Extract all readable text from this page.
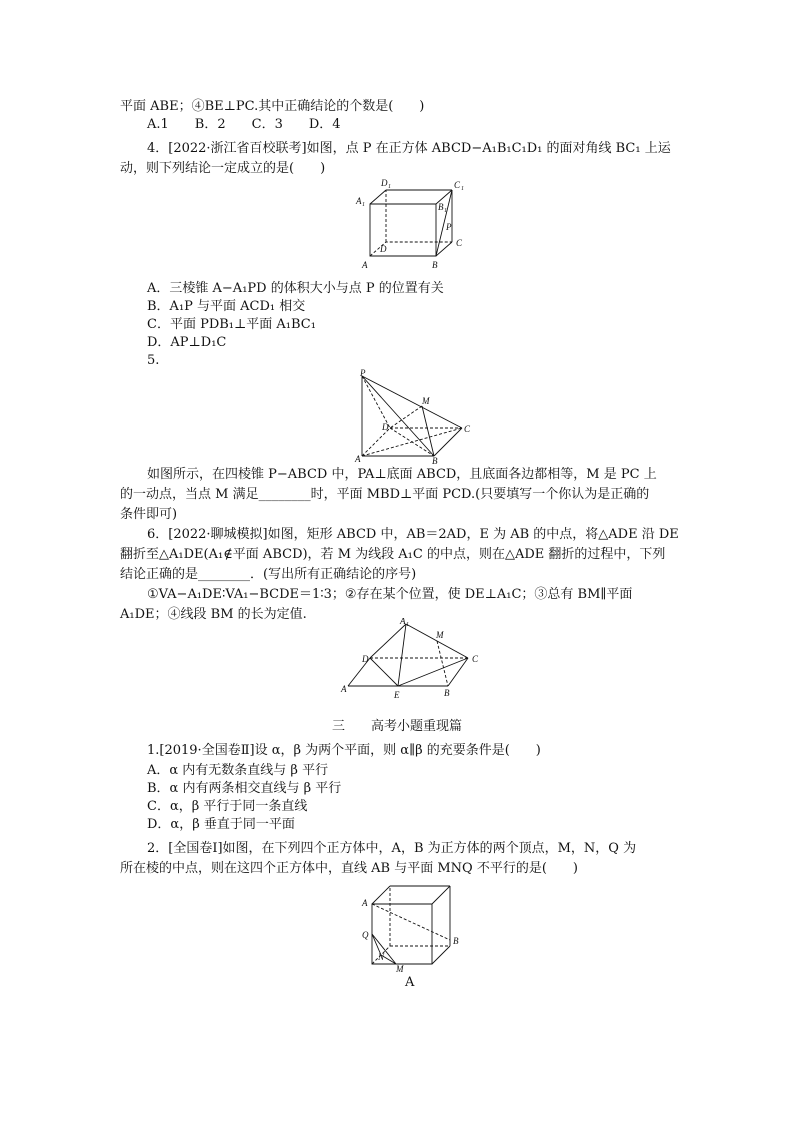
平面 ABE；④BE⊥PC.其中正确结论的个数是(　　)
A.1　　B．2　　C．3　　D．4
4．[2022·浙江省百校联考]如图，点 P 在正方体 ABCD−A₁B₁C₁D₁ 的面对角线 BC₁ 上运
动，则下列结论一定成立的是(　　)
D 1	C 1
A 1	B 1
P
D
C
A	B
A．三棱锥 A−A₁PD 的体积大小与点 P 的位置有关
B．A₁P 与平面 ACD₁ 相交
C．平面 PDB₁⊥平面 A₁BC₁
D．AP⊥D₁C
5.
P
M
D	C
A	B
如图所示，在四棱锥 P−ABCD 中，PA⊥底面 ABCD，且底面各边都相等，M 是 PC 上
的一动点，当点 M 满足________时，平面 MBD⊥平面 PCD.(只要填写一个你认为是正确的
条件即可)
6．[2022·聊城模拟]如图，矩形 ABCD 中，AB＝2AD，E 为 AB 的中点，将△ADE 沿 DE
翻折至△A₁DE(A₁∉平面 ABCD)，若 M 为线段 A₁C 的中点，则在△ADE 翻折的过程中，下列
结论正确的是________．(写出所有正确结论的序号)
①VA−A₁DE∶VA₁−BCDE＝1∶3；②存在某个位置，使 DE⊥A₁C；③总有 BM∥平面
A₁DE；④线段 BM 的长为定值.	A 1
M
D	C
A
E	B
三　　高考小题重现篇
1.[2019·全国卷Ⅱ]设 α，β 为两个平面，则 α∥β 的充要条件是(　　)
A．α 内有无数条直线与 β 平行
B．α 内有两条相交直线与 β 平行
C．α，β 平行于同一条直线
D．α，β 垂直于同一平面
2．[全国卷Ⅰ]如图，在下列四个正方体中，A，B 为正方体的两个顶点，M，N，Q 为
所在棱的中点，则在这四个正方体中，直线 AB 与平面 MNQ 不平行的是(　　)
A
B
Q
N
M
A
